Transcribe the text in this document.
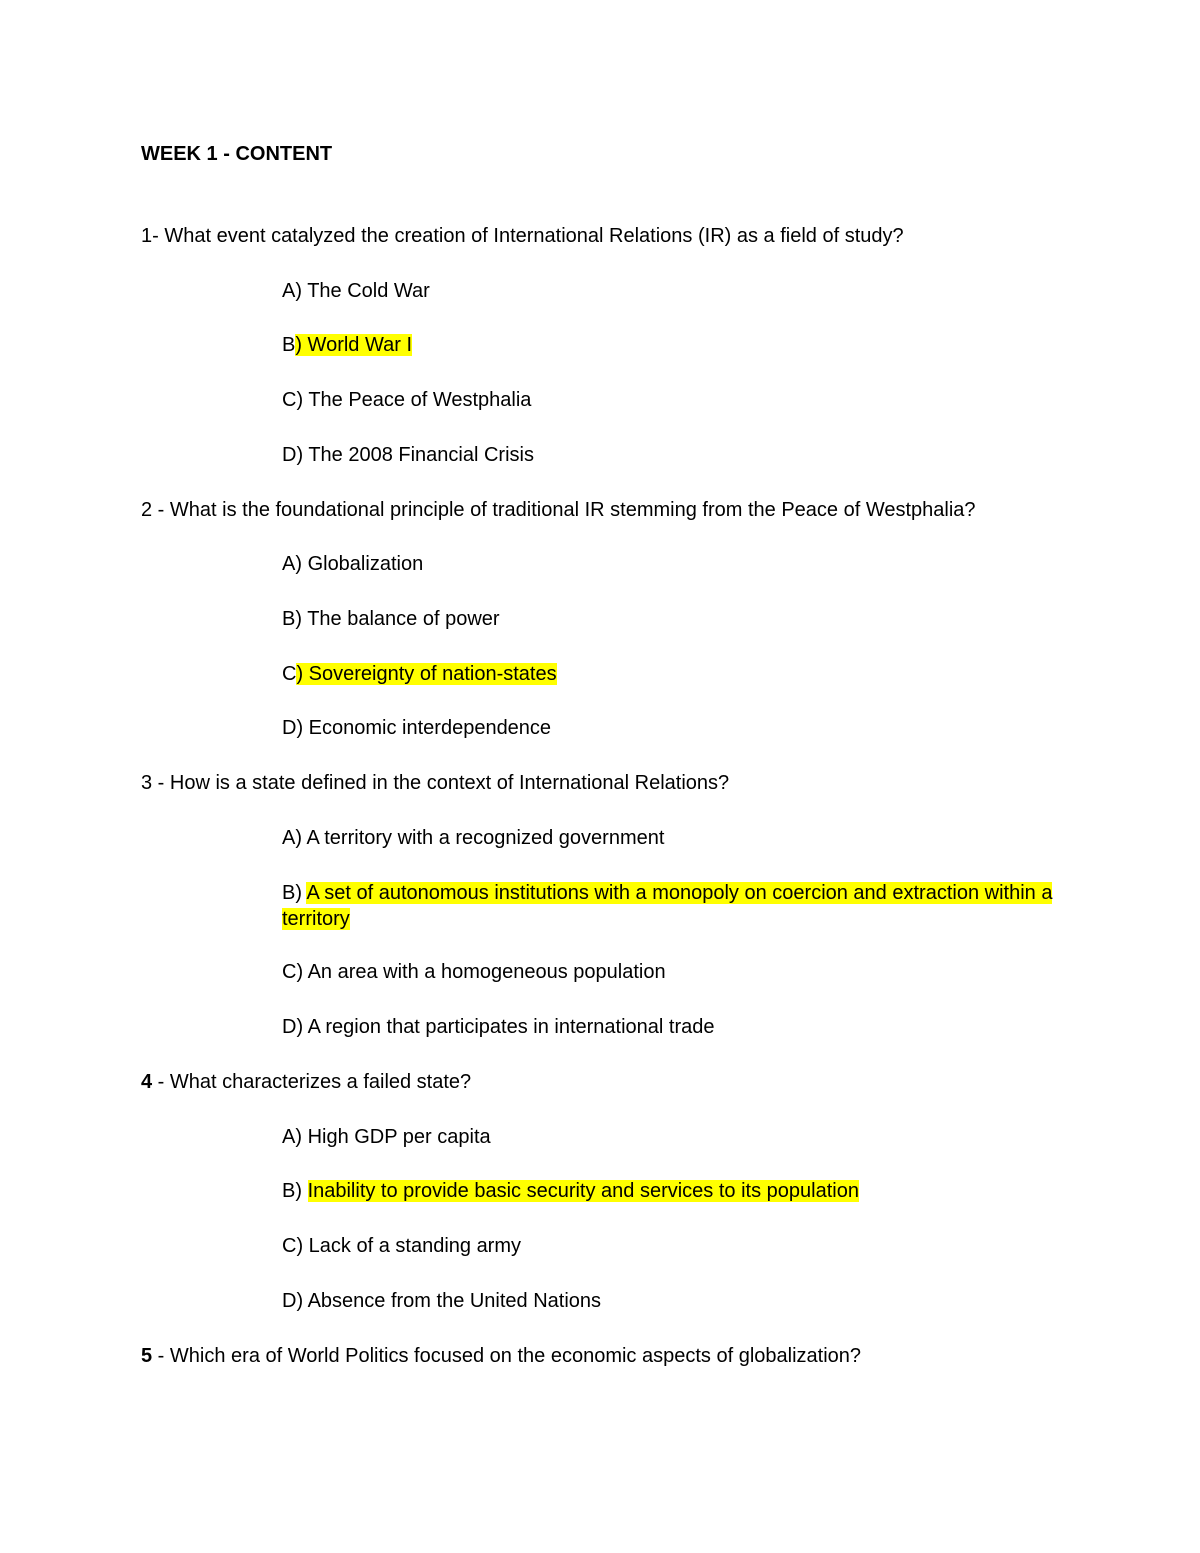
WEEK 1 - CONTENT
1- What event catalyzed the creation of International Relations (IR) as a field of study?
A) The Cold War
B) World War I
C) The Peace of Westphalia
D) The 2008 Financial Crisis
2 - What is the foundational principle of traditional IR stemming from the Peace of Westphalia?
A) Globalization
B) The balance of power
C) Sovereignty of nation-states
D) Economic interdependence
3 - How is a state defined in the context of International Relations?
A) A territory with a recognized government
B) A set of autonomous institutions with a monopoly on coercion and extraction within a territory
C) An area with a homogeneous population
D) A region that participates in international trade
4 - What characterizes a failed state?
A) High GDP per capita
B) Inability to provide basic security and services to its population
C) Lack of a standing army
D) Absence from the United Nations
5 - Which era of World Politics focused on the economic aspects of globalization?
